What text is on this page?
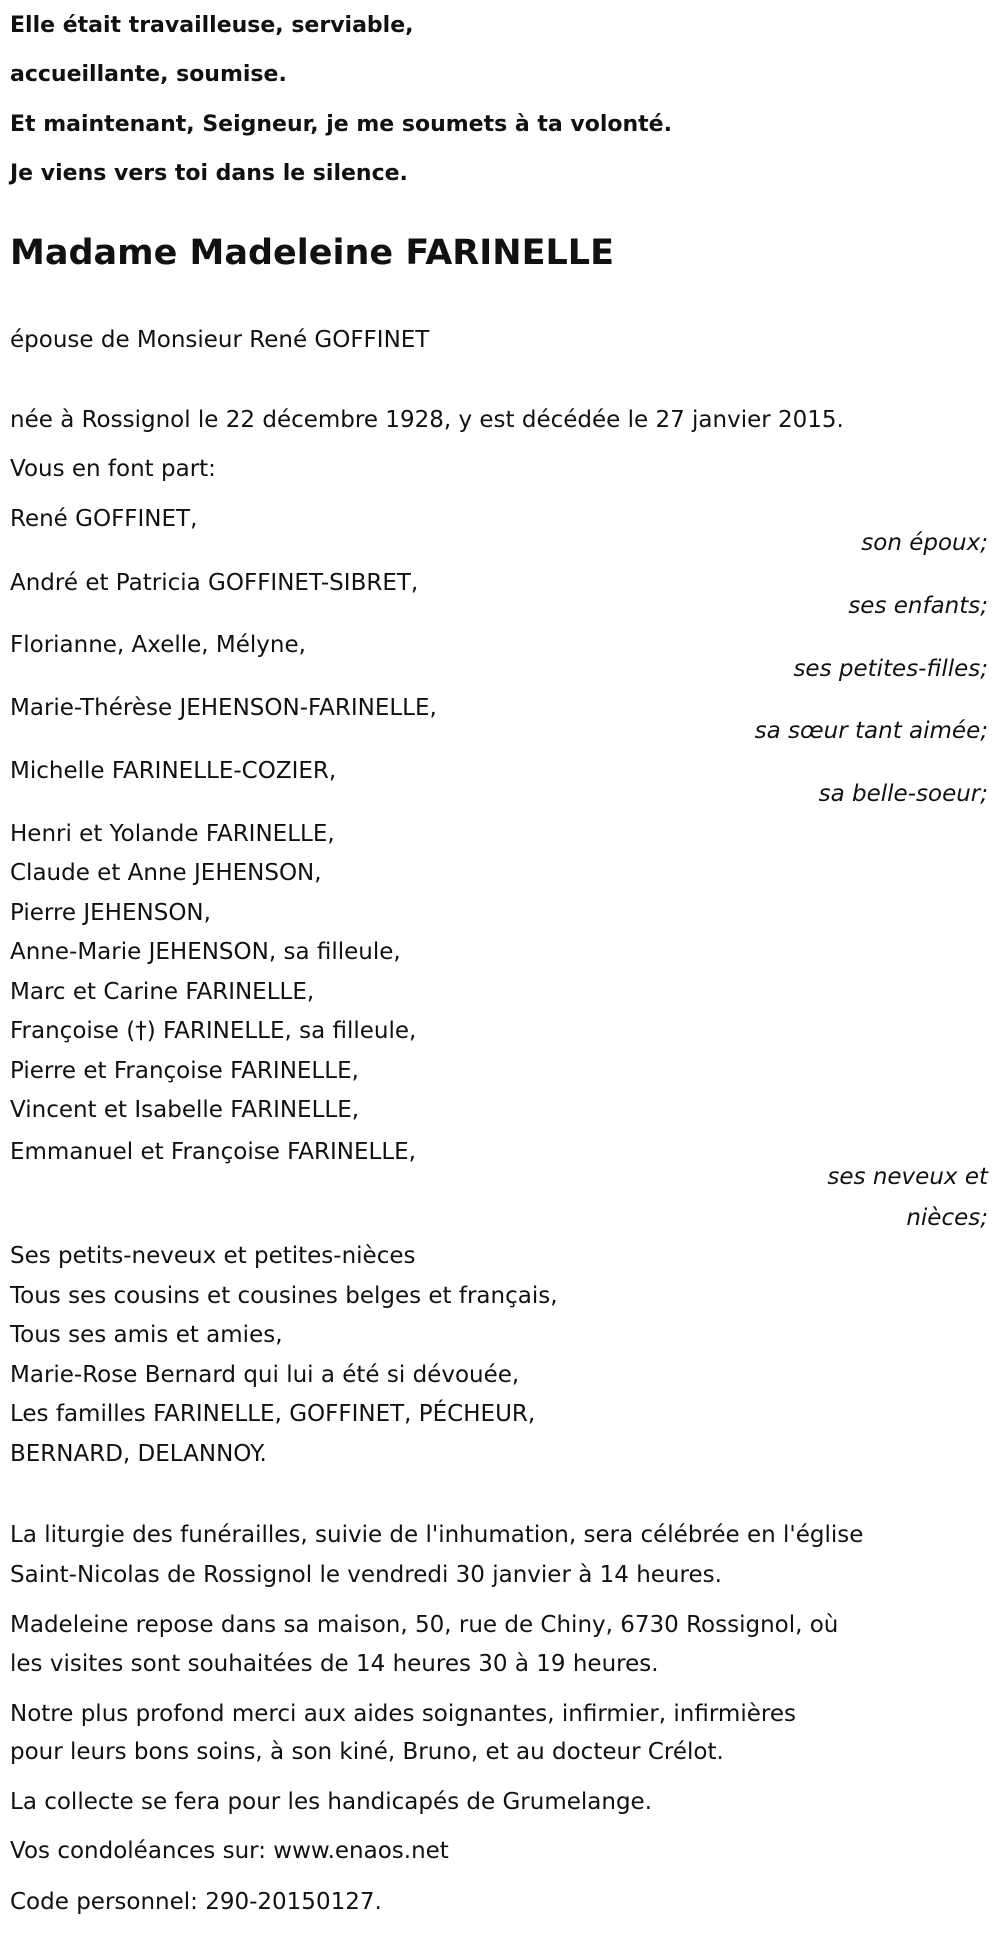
Elle était travailleuse, serviable,
accueillante, soumise.
Et maintenant, Seigneur, je me soumets à ta volonté.
Je viens vers toi dans le silence.
Madame Madeleine FARINELLE
épouse de Monsieur René GOFFINET
née à Rossignol le 22 décembre 1928, y est décédée le 27 janvier 2015.
Vous en font part:
René GOFFINET,
son époux;
André et Patricia GOFFINET-SIBRET,
ses enfants;
Florianne, Axelle, Mélyne,
ses petites-filles;
Marie-Thérèse JEHENSON-FARINELLE,
sa sœur tant aimée;
Michelle FARINELLE-COZIER,
sa belle-soeur;
Henri et Yolande FARINELLE,
Claude et Anne JEHENSON,
Pierre JEHENSON,
Anne-Marie JEHENSON, sa filleule,
Marc et Carine FARINELLE,
Françoise (†) FARINELLE, sa filleule,
Pierre et Françoise FARINELLE,
Vincent et Isabelle FARINELLE,
Emmanuel et Françoise FARINELLE,
ses neveux et
nièces;
Ses petits-neveux et petites-nièces
Tous ses cousins et cousines belges et français,
Tous ses amis et amies,
Marie-Rose Bernard qui lui a été si dévouée,
Les familles FARINELLE, GOFFINET, PÉCHEUR,
BERNARD, DELANNOY.
La liturgie des funérailles, suivie de l'inhumation, sera célébrée en l'église
Saint-Nicolas de Rossignol le vendredi 30 janvier à 14 heures.
Madeleine repose dans sa maison, 50, rue de Chiny, 6730 Rossignol, où
les visites sont souhaitées de 14 heures 30 à 19 heures.
Notre plus profond merci aux aides soignantes, infirmier, infirmières
pour leurs bons soins, à son kiné, Bruno, et au docteur Crélot.
La collecte se fera pour les handicapés de Grumelange.
Vos condoléances sur: www.enaos.net
Code personnel: 290-20150127.
